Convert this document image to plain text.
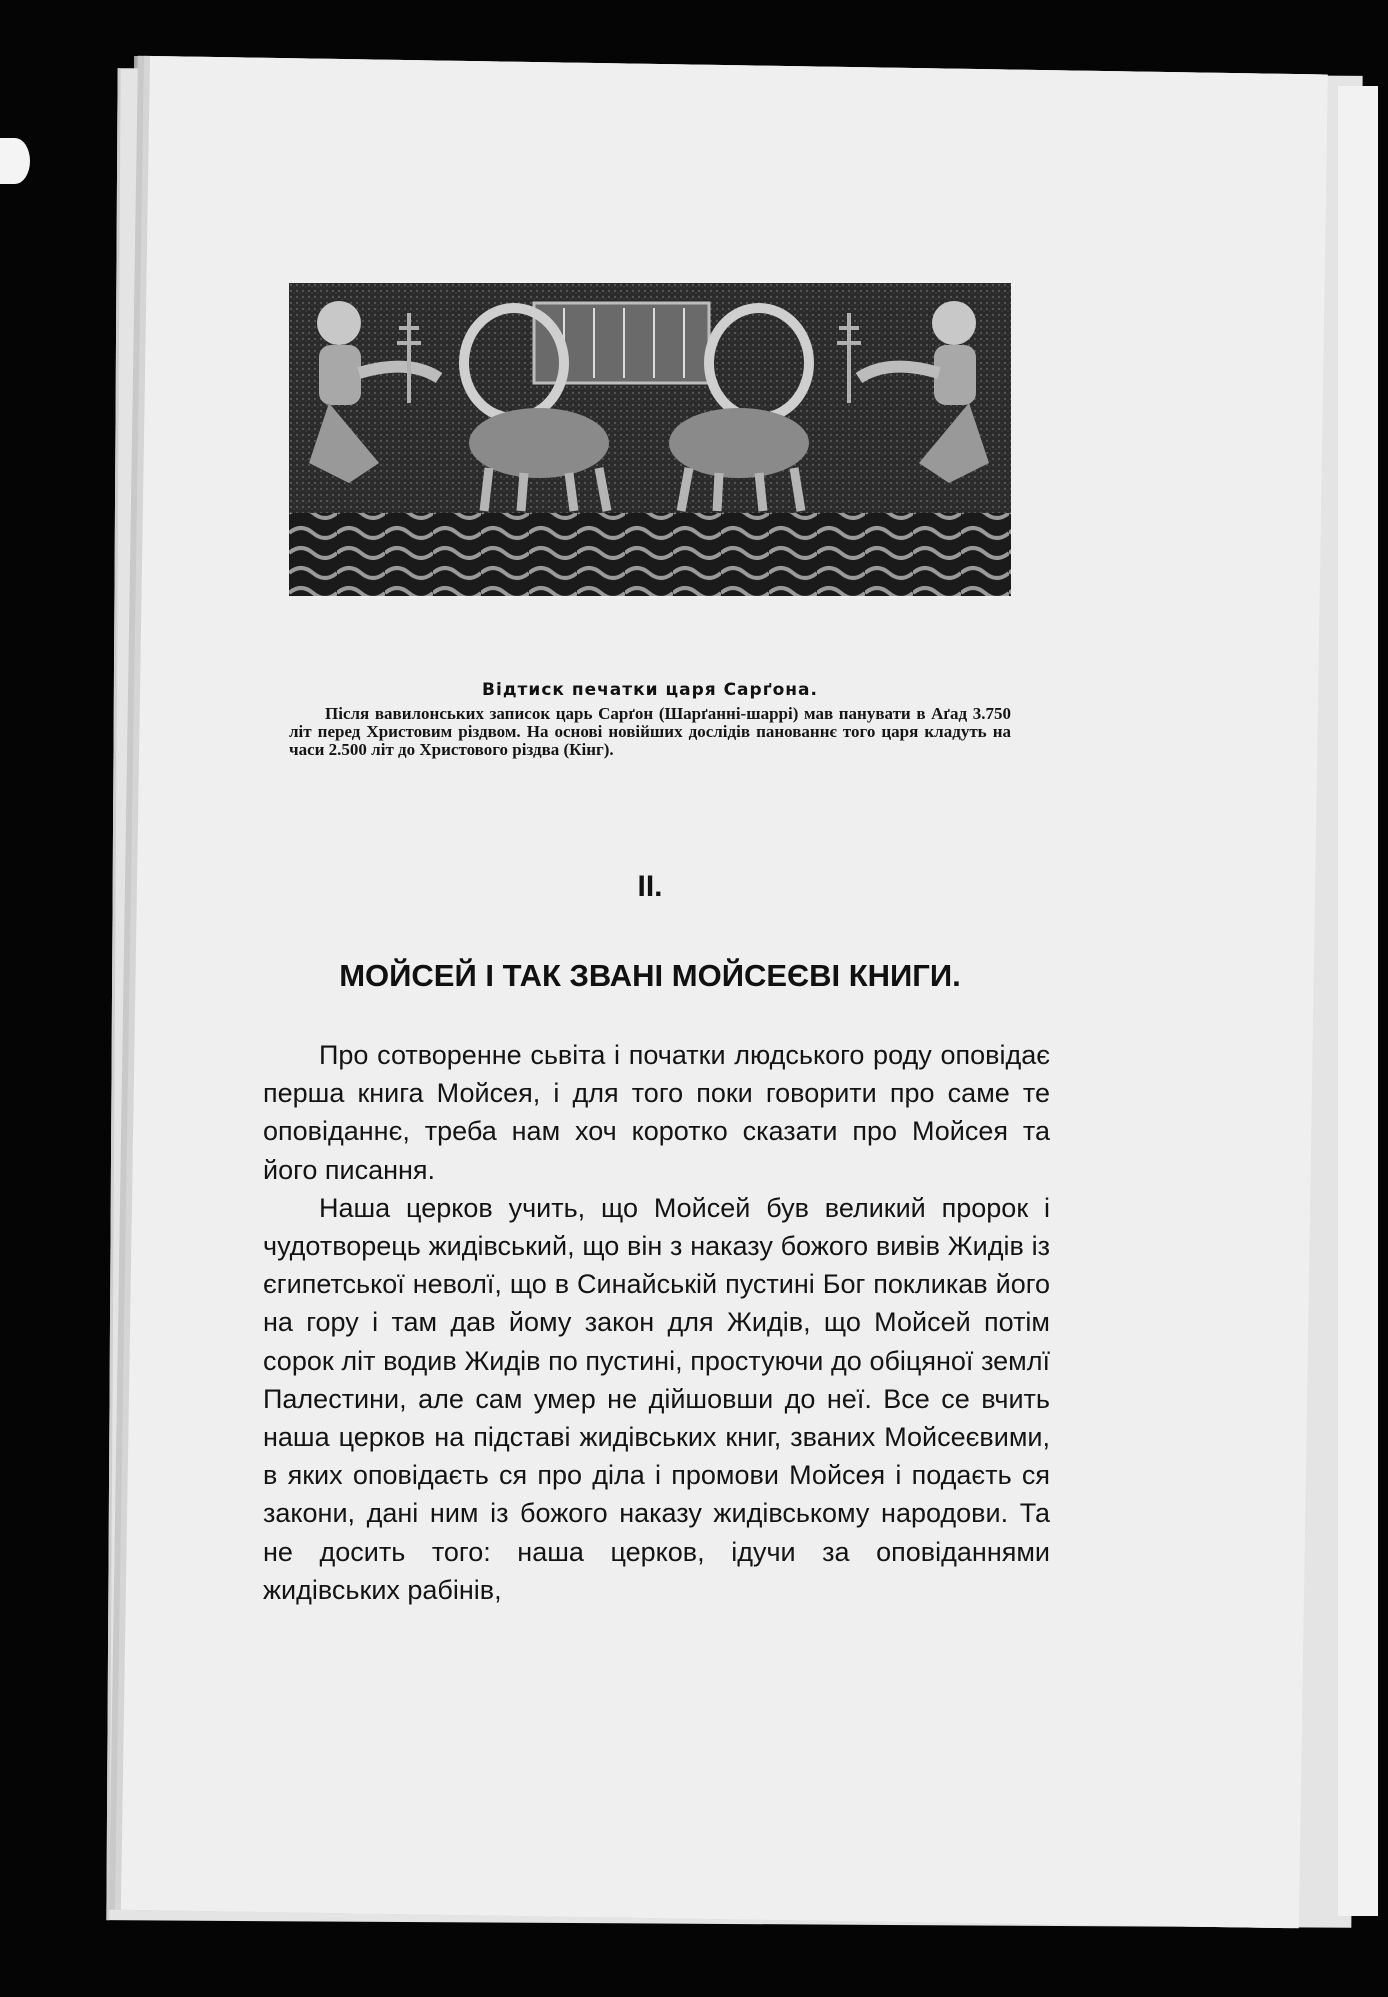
Відтиск печатки царя Сарґона.
Після вавилонських записок царь Сарґон (Шарґанні-шаррі) мав панувати в Аґад 3.750 літ перед Христовим різдвом. На основі новійших дослідів панованнє того царя кладуть на часи 2.500 літ до Христового різдва (Кінг).
II.
МОЙСЕЙ І ТАК ЗВАНІ МОЙСЕЄВІ КНИГИ.

Про сотворенне сьвіта і початки людського роду оповідає перша книга Мойсея, і для того поки говорити про саме те оповіданнє, треба нам хоч коротко сказати про Мойсея та його писання.

Наша церков учить, що Мойсей був великий пророк і чудотворець жидівський, що він з наказу божого вивів Жидів із єгипетської неволї, що в Синайській пустині Бог покликав його на гору і там дав йому закон для Жидів, що Мойсей потім сорок літ водив Жидів по пустині, простуючи до обіцяної землї Палестини, але сам умер не дійшовши до неї. Все се вчить наша церков на підставі жидівських книг, званих Мойсеєвими, в яких оповідаєть ся про діла і промови Мойсея і подаєть ся закони, дані ним із божого наказу жидівському народови. Та не досить того: наша церков, ідучи за оповіданнями жидівських рабінів,
